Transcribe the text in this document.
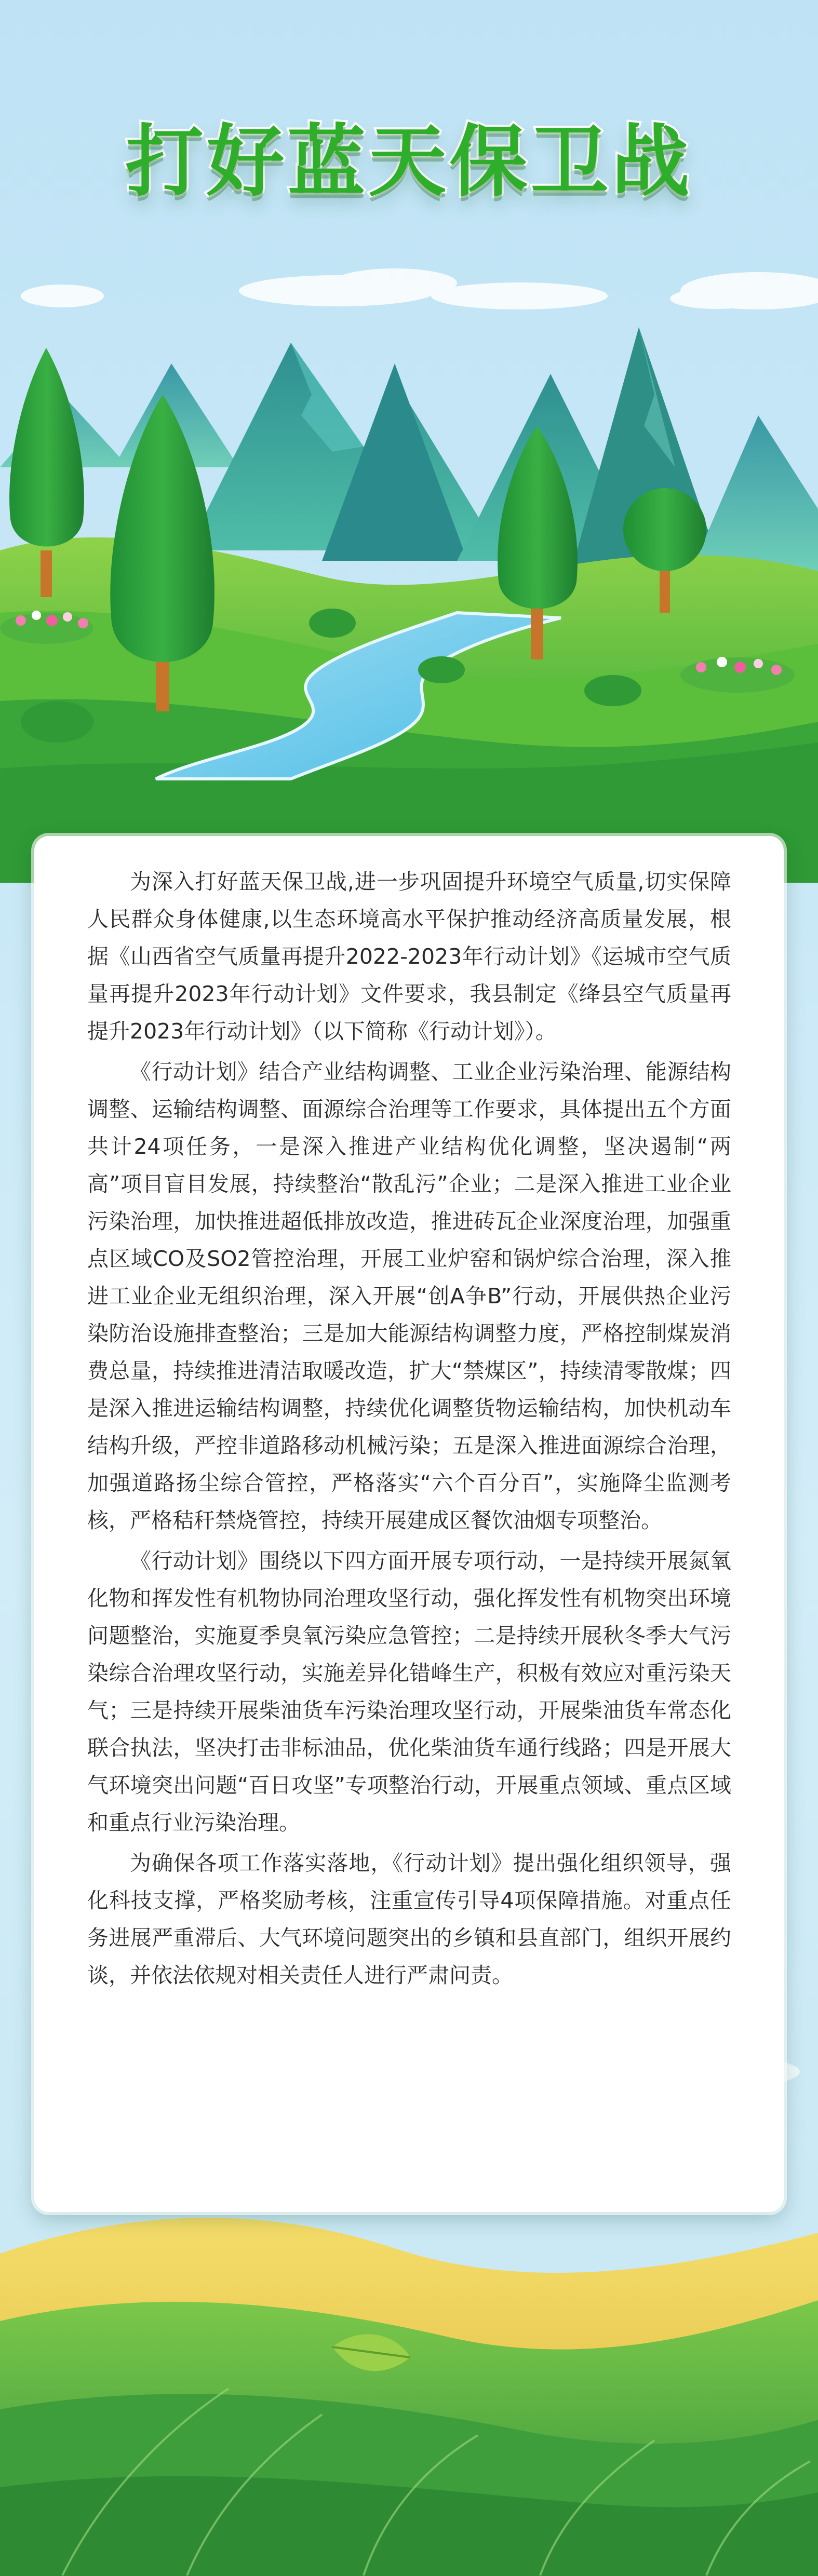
打好蓝天保卫战

为深入打好蓝天保卫战,进一步巩固提升环境空气质量,切实保障人民群众身体健康,以生态环境高水平保护推动经济高质量发展，根据《山西省空气质量再提升2022-2023年行动计划》《运城市空气质量再提升2023年行动计划》文件要求，我县制定《绛县空气质量再提升2023年行动计划》（以下简称《行动计划》）。

《行动计划》结合产业结构调整、工业企业污染治理、能源结构调整、运输结构调整、面源综合治理等工作要求，具体提出五个方面共计24项任务，一是深入推进产业结构优化调整，坚决遏制“两高”项目盲目发展，持续整治“散乱污”企业；二是深入推进工业企业污染治理，加快推进超低排放改造，推进砖瓦企业深度治理，加强重点区域CO及SO2管控治理，开展工业炉窑和锅炉综合治理，深入推进工业企业无组织治理，深入开展“创A争B”行动，开展供热企业污染防治设施排查整治；三是加大能源结构调整力度，严格控制煤炭消费总量，持续推进清洁取暖改造，扩大“禁煤区”，持续清零散煤；四是深入推进运输结构调整，持续优化调整货物运输结构，加快机动车结构升级，严控非道路移动机械污染；五是深入推进面源综合治理，加强道路扬尘综合管控，严格落实“六个百分百”，实施降尘监测考核，严格秸秆禁烧管控，持续开展建成区餐饮油烟专项整治。

《行动计划》围绕以下四方面开展专项行动，一是持续开展氮氧化物和挥发性有机物协同治理攻坚行动，强化挥发性有机物突出环境问题整治，实施夏季臭氧污染应急管控；二是持续开展秋冬季大气污染综合治理攻坚行动，实施差异化错峰生产，积极有效应对重污染天气；三是持续开展柴油货车污染治理攻坚行动，开展柴油货车常态化联合执法，坚决打击非标油品，优化柴油货车通行线路；四是开展大气环境突出问题“百日攻坚”专项整治行动，开展重点领域、重点区域和重点行业污染治理。

为确保各项工作落实落地，《行动计划》提出强化组织领导，强化科技支撑，严格奖励考核，注重宣传引导4项保障措施。对重点任务进展严重滞后、大气环境问题突出的乡镇和县直部门，组织开展约谈，并依法依规对相关责任人进行严肃问责。
